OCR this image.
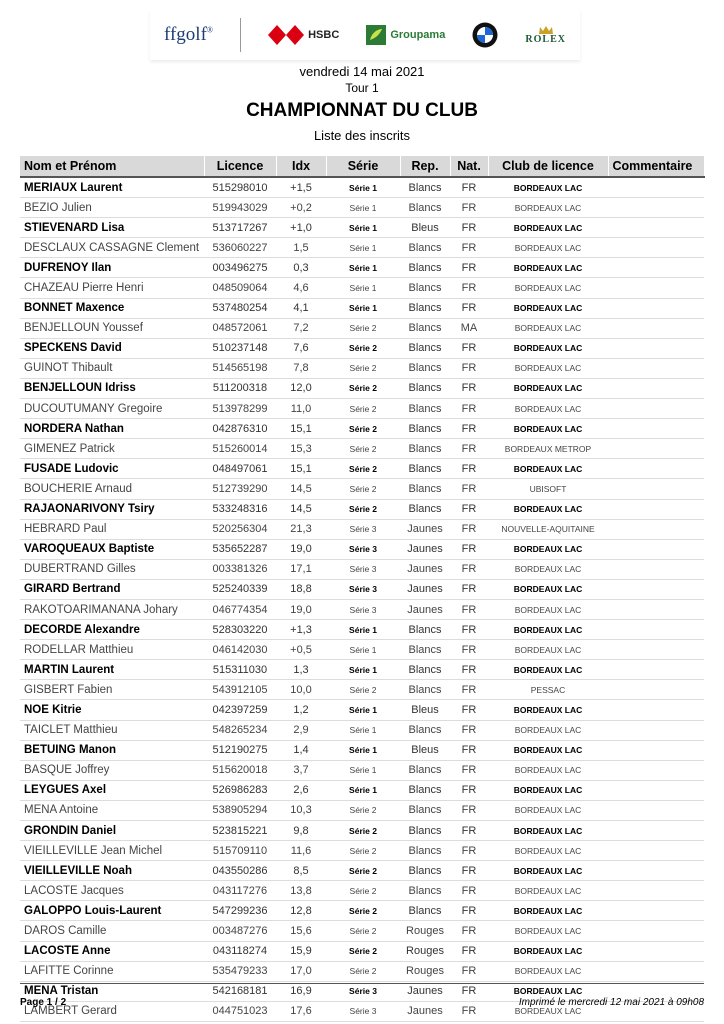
ffgolf®	HSBC	Groupama	ROLEX
vendredi 14 mai 2021
Tour 1
CHAMPIONNAT DU CLUB
Liste des inscrits
Nom et Prénom	Licence	Idx	Série	Rep.	Nat.	Club de licence	Commentaire
MERIAUX Laurent	515298010	+1,5	Série 1	Blancs	FR	BORDEAUX LAC	
BEZIO Julien	519943029	+0,2	Série 1	Blancs	FR	BORDEAUX LAC	
STIEVENARD Lisa	513717267	+1,0	Série 1	Bleus	FR	BORDEAUX LAC	
DESCLAUX CASSAGNE Clement	536060227	1,5	Série 1	Blancs	FR	BORDEAUX LAC	
DUFRENOY Ilan	003496275	0,3	Série 1	Blancs	FR	BORDEAUX LAC	
CHAZEAU Pierre Henri	048509064	4,6	Série 1	Blancs	FR	BORDEAUX LAC	
BONNET Maxence	537480254	4,1	Série 1	Blancs	FR	BORDEAUX LAC	
BENJELLOUN Youssef	048572061	7,2	Série 2	Blancs	MA	BORDEAUX LAC	
SPECKENS David	510237148	7,6	Série 2	Blancs	FR	BORDEAUX LAC	
GUINOT Thibault	514565198	7,8	Série 2	Blancs	FR	BORDEAUX LAC	
BENJELLOUN Idriss	511200318	12,0	Série 2	Blancs	FR	BORDEAUX LAC	
DUCOUTUMANY Gregoire	513978299	11,0	Série 2	Blancs	FR	BORDEAUX LAC	
NORDERA Nathan	042876310	15,1	Série 2	Blancs	FR	BORDEAUX LAC	
GIMENEZ Patrick	515260014	15,3	Série 2	Blancs	FR	BORDEAUX METROP	
FUSADE Ludovic	048497061	15,1	Série 2	Blancs	FR	BORDEAUX LAC	
BOUCHERIE Arnaud	512739290	14,5	Série 2	Blancs	FR	UBISOFT	
RAJAONARIVONY Tsiry	533248316	14,5	Série 2	Blancs	FR	BORDEAUX LAC	
HEBRARD Paul	520256304	21,3	Série 3	Jaunes	FR	NOUVELLE-AQUITAINE	
VAROQUEAUX Baptiste	535652287	19,0	Série 3	Jaunes	FR	BORDEAUX LAC	
DUBERTRAND Gilles	003381326	17,1	Série 3	Jaunes	FR	BORDEAUX LAC	
GIRARD Bertrand	525240339	18,8	Série 3	Jaunes	FR	BORDEAUX LAC	
RAKOTOARIMANANA Johary	046774354	19,0	Série 3	Jaunes	FR	BORDEAUX LAC	
DECORDE Alexandre	528303220	+1,3	Série 1	Blancs	FR	BORDEAUX LAC	
RODELLAR Matthieu	046142030	+0,5	Série 1	Blancs	FR	BORDEAUX LAC	
MARTIN Laurent	515311030	1,3	Série 1	Blancs	FR	BORDEAUX LAC	
GISBERT Fabien	543912105	10,0	Série 2	Blancs	FR	PESSAC	
NOE Kitrie	042397259	1,2	Série 1	Bleus	FR	BORDEAUX LAC	
TAICLET Matthieu	548265234	2,9	Série 1	Blancs	FR	BORDEAUX LAC	
BETUING Manon	512190275	1,4	Série 1	Bleus	FR	BORDEAUX LAC	
BASQUE Joffrey	515620018	3,7	Série 1	Blancs	FR	BORDEAUX LAC	
LEYGUES Axel	526986283	2,6	Série 1	Blancs	FR	BORDEAUX LAC	
MENA Antoine	538905294	10,3	Série 2	Blancs	FR	BORDEAUX LAC	
GRONDIN Daniel	523815221	9,8	Série 2	Blancs	FR	BORDEAUX LAC	
VIEILLEVILLE Jean Michel	515709110	11,6	Série 2	Blancs	FR	BORDEAUX LAC	
VIEILLEVILLE Noah	043550286	8,5	Série 2	Blancs	FR	BORDEAUX LAC	
LACOSTE Jacques	043117276	13,8	Série 2	Blancs	FR	BORDEAUX LAC	
GALOPPO Louis-Laurent	547299236	12,8	Série 2	Blancs	FR	BORDEAUX LAC	
DAROS Camille	003487276	15,6	Série 2	Rouges	FR	BORDEAUX LAC	
LACOSTE Anne	043118274	15,9	Série 2	Rouges	FR	BORDEAUX LAC	
LAFITTE Corinne	535479233	17,0	Série 2	Rouges	FR	BORDEAUX LAC	
MENA Tristan	542168181	16,9	Série 3	Jaunes	FR	BORDEAUX LAC	
LAMBERT Gerard	044751023	17,6	Série 3	Jaunes	FR	BORDEAUX LAC	
Page 1 / 2	Imprimé le mercredi 12 mai 2021 à 09h08
